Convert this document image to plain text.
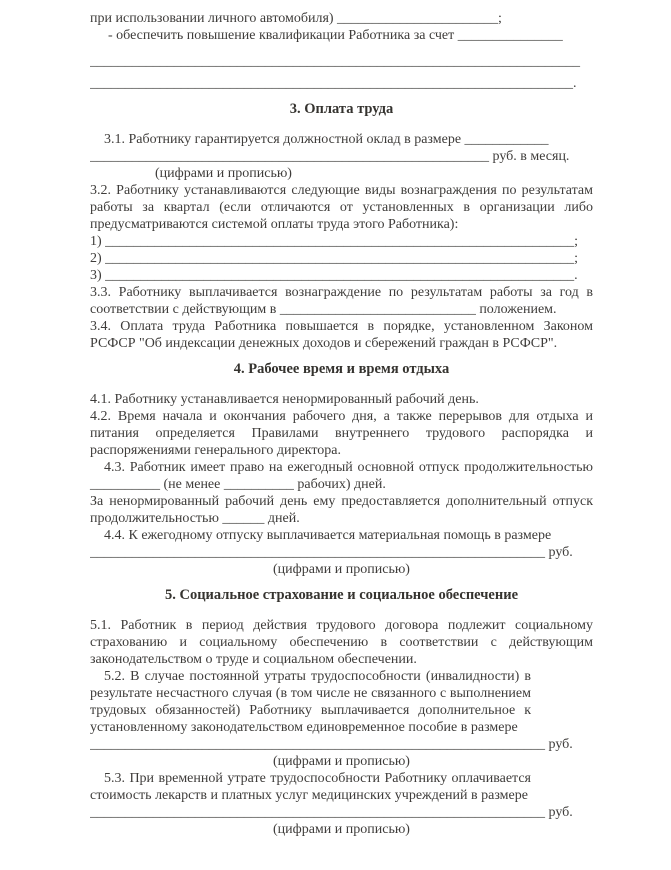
при использовании личного автомобиля) _______________________;

- обеспечить повышение квалификации Работника за счет _______________

______________________________________________________________________

_____________________________________________________________________.

3. Оплата труда

3.1. Работнику гарантируется должностной оклад в размере ____________

_________________________________________________________ руб. в месяц.

(цифрами и прописью)

3.2. Работнику устанавливаются следующие виды вознаграждения по результатам работы за квартал (если отличаются от установленных в организации либо предусматриваются системой оплаты труда этого Работника):

1) ___________________________________________________________________;

2) ___________________________________________________________________;

3) ___________________________________________________________________.

3.3. Работнику выплачивается вознаграждение по результатам работы за год в соответствии с действующим в ____________________________ положением.

3.4. Оплата труда Работника повышается в порядке, установленном Законом РСФСР "Об индексации денежных доходов и сбережений граждан в РСФСР".

4. Рабочее время и время отдыха

4.1. Работнику устанавливается ненормированный рабочий день.

4.2. Время начала и окончания рабочего дня, а также перерывов для отдыха и питания определяется Правилами внутреннего трудового распорядка и распоряжениями генерального директора.

4.3. Работник имеет право на ежегодный основной отпуск продолжительностью __________ (не менее __________ рабочих) дней.

За ненормированный рабочий день ему предоставляется дополнительный отпуск продолжительностью ______ дней.

4.4. К ежегодному отпуску выплачивается материальная помощь в размере

_________________________________________________________________ руб.

(цифрами и прописью)

5. Социальное страхование и социальное обеспечение

5.1. Работник в период действия трудового договора подлежит социальному страхованию и социальному обеспечению в соответствии с действующим законодательством о труде и социальном обеспечении.

5.2. В случае постоянной утраты трудоспособности (инвалидности) в результате несчастного случая (в том числе не связанного с выполнением трудовых обязанностей) Работнику выплачивается дополнительное к установленному законодательством единовременное пособие в размере

_________________________________________________________________ руб.

(цифрами и прописью)

5.3. При временной утрате трудоспособности Работнику оплачивается стоимость лекарств и платных услуг медицинских учреждений в размере

_________________________________________________________________ руб.

(цифрами и прописью)
